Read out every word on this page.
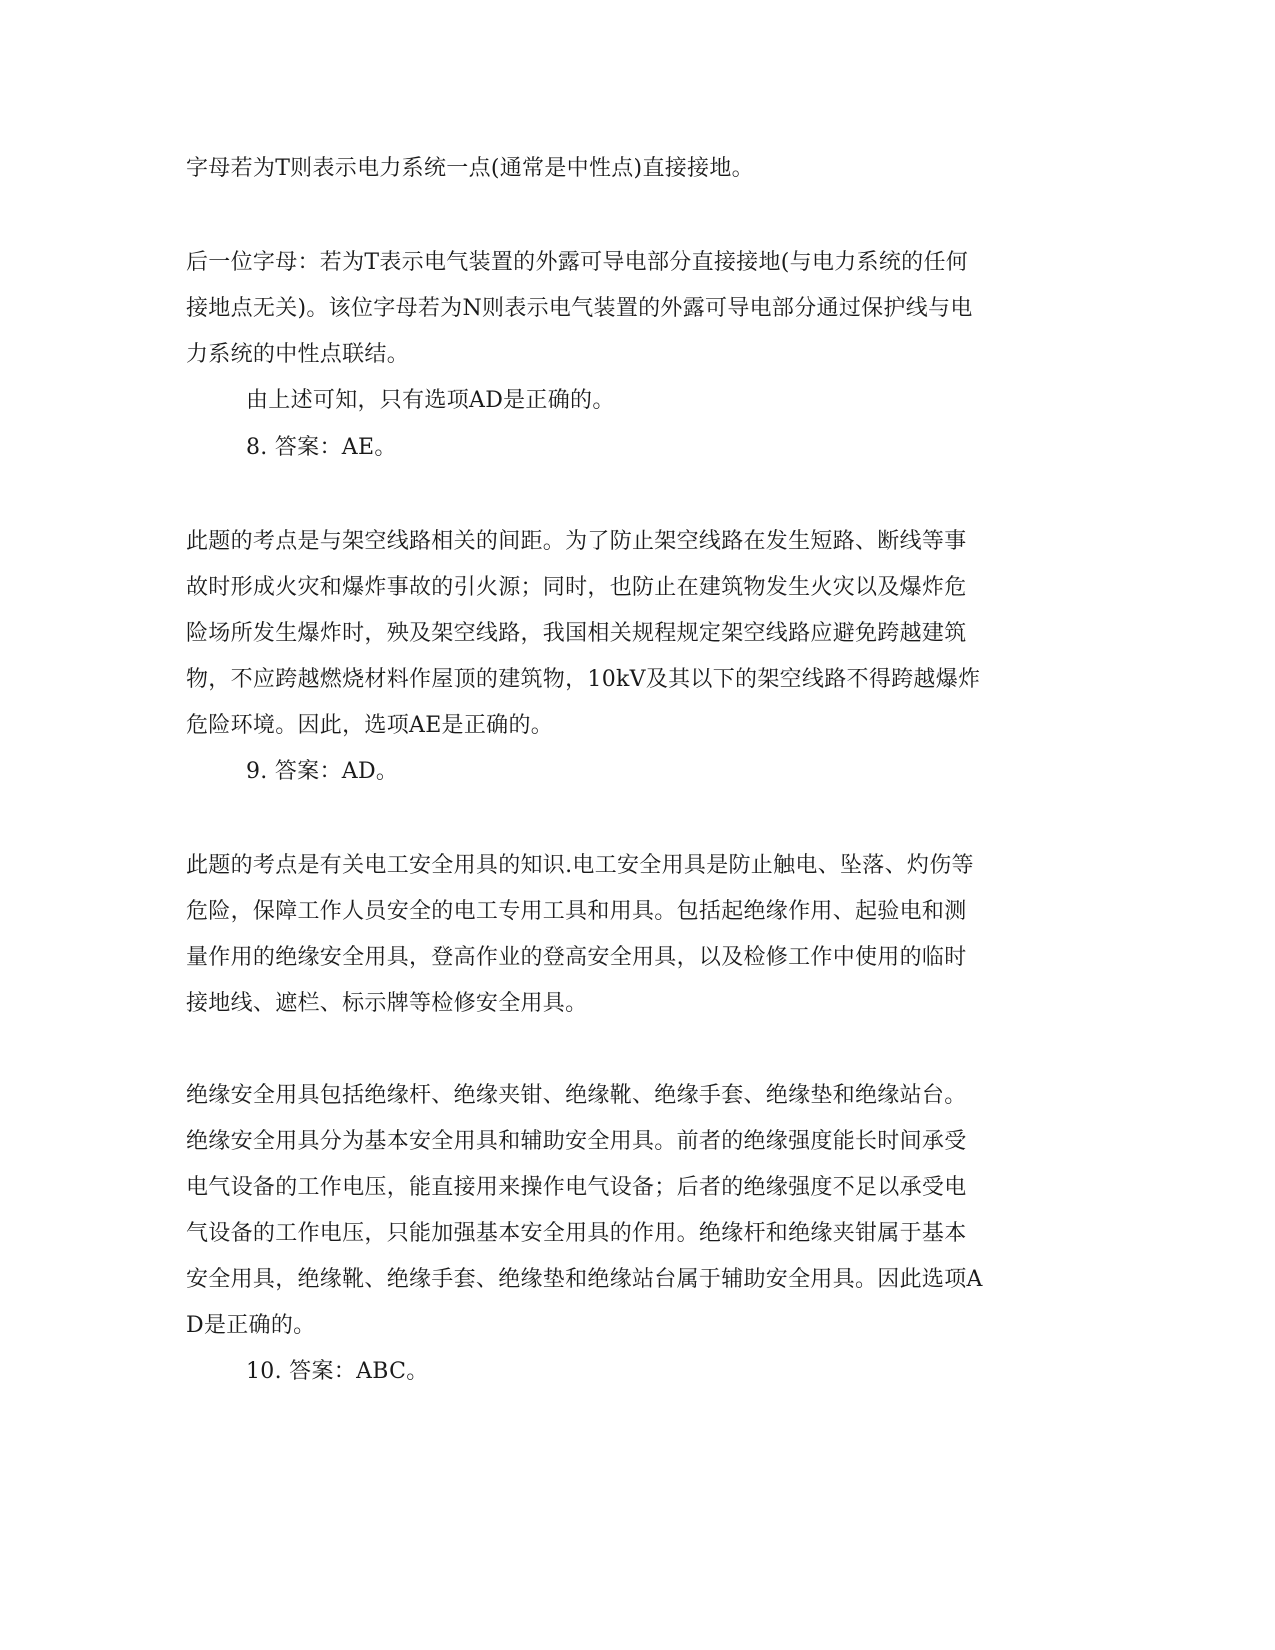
字母若为T则表示电力系统一点(通常是中性点)直接接地。
后一位字母：若为T表示电气装置的外露可导电部分直接接地(与电力系统的任何
接地点无关)。该位字母若为N则表示电气装置的外露可导电部分通过保护线与电
力系统的中性点联结。
由上述可知，只有选项AD是正确的。
8. 答案：AE。
此题的考点是与架空线路相关的间距。为了防止架空线路在发生短路、断线等事
故时形成火灾和爆炸事故的引火源；同时，也防止在建筑物发生火灾以及爆炸危
险场所发生爆炸时，殃及架空线路，我国相关规程规定架空线路应避免跨越建筑
物，不应跨越燃烧材料作屋顶的建筑物，10kV及其以下的架空线路不得跨越爆炸
危险环境。因此，选项AE是正确的。
9. 答案：AD。
此题的考点是有关电工安全用具的知识.电工安全用具是防止触电、坠落、灼伤等
危险，保障工作人员安全的电工专用工具和用具。包括起绝缘作用、起验电和测
量作用的绝缘安全用具，登高作业的登高安全用具，以及检修工作中使用的临时
接地线、遮栏、标示牌等检修安全用具。
绝缘安全用具包括绝缘杆、绝缘夹钳、绝缘靴、绝缘手套、绝缘垫和绝缘站台。
绝缘安全用具分为基本安全用具和辅助安全用具。前者的绝缘强度能长时间承受
电气设备的工作电压，能直接用来操作电气设备；后者的绝缘强度不足以承受电
气设备的工作电压，只能加强基本安全用具的作用。绝缘杆和绝缘夹钳属于基本
安全用具，绝缘靴、绝缘手套、绝缘垫和绝缘站台属于辅助安全用具。因此选项A
D是正确的。
10. 答案：ABC。
